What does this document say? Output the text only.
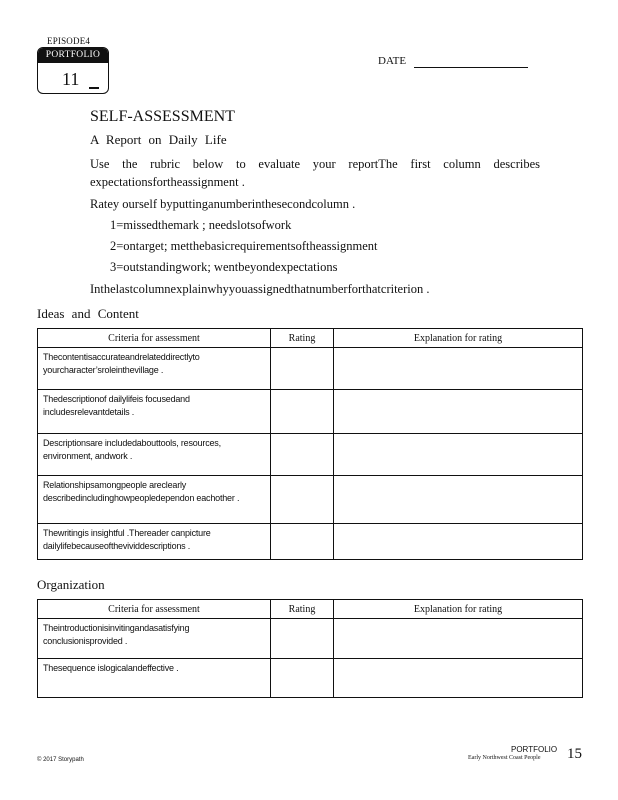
EPISODE4
PORTFOLIO
11
DATE
SELF-ASSESSMENT
A Report on Daily Life
Use the rubric below to evaluate your reportThe first column describes expectationsfortheassignment .
Ratey ourself byputtinganumberinthesecondcolumn .
1=missedthemark ; needslotsofwork
2=ontarget; metthebasicrequirementsoftheassignment
3=outstandingwork; wentbeyondexpectations
Inthelastcolumnexplainwhyyouassignedthatnumberforthatcriterion .
Ideas and Content
Criteria for assessment	Rating	Explanation for rating
Thecontentisaccurateandrelateddirectlyto yourcharacter’sroleinthevillage .		
Thedescriptionof dailylifeis focusedand includesrelevantdetails .		
Descriptionsare includedabouttools, resources, environment, andwork .		
Relationshipsamongpeople areclearly describedincludinghowpeopledependon eachother .		
Thewritingis insightful .Thereader canpicture dailylifebecauseofthevividdescriptions .		
Organization
Criteria for assessment	Rating	Explanation for rating
Theintroductionisinvitingandasatisfying conclusionisprovided .		
Thesequence islogicalandeffective .		
© 2017 Storypath
PORTFOLIO
Early Northwest Coast People 15
